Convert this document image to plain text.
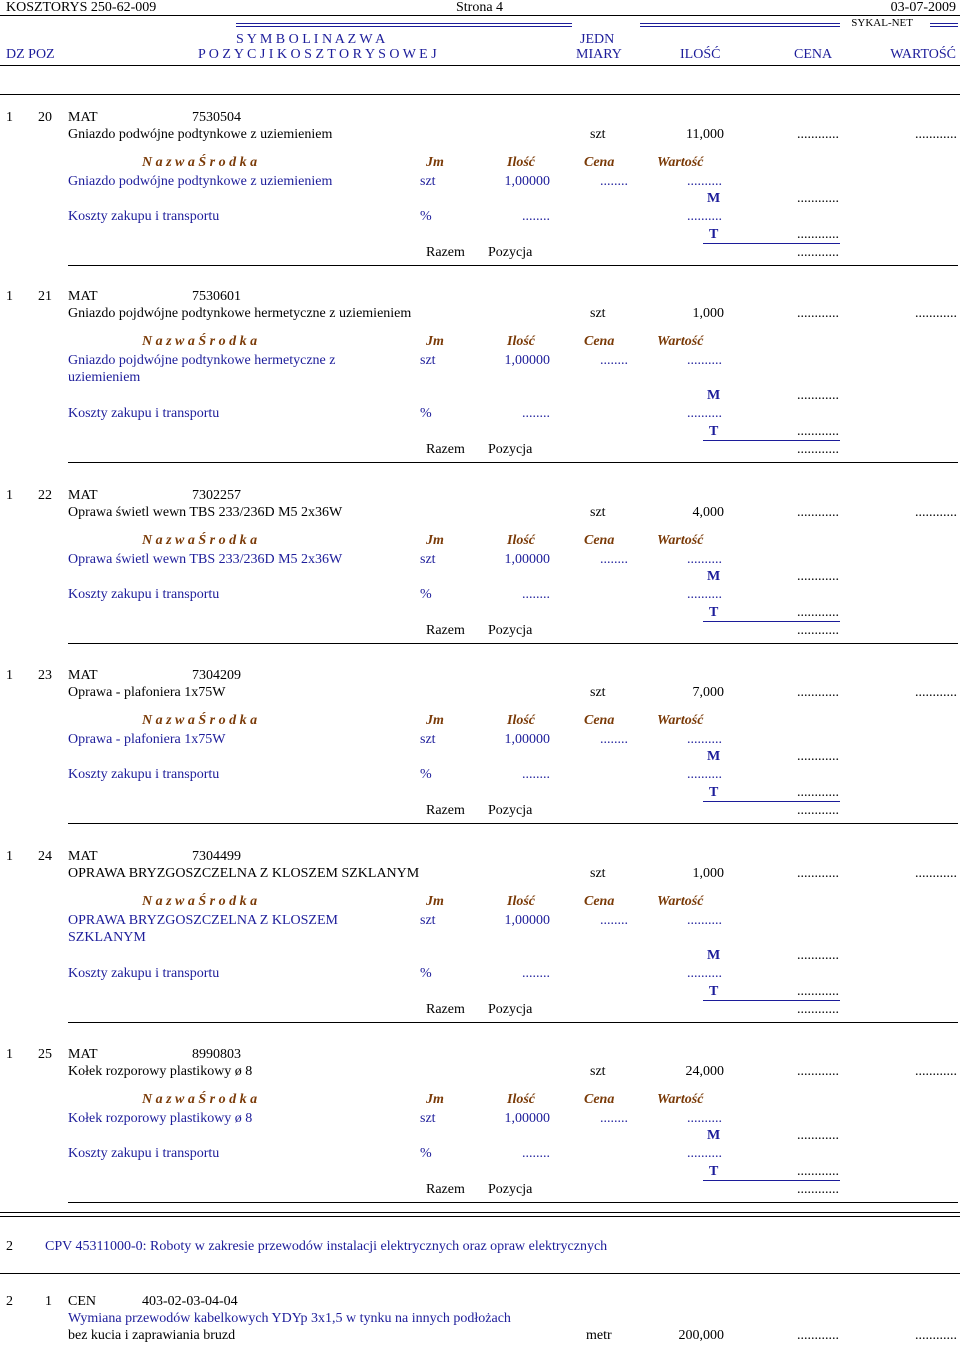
KOSZTORYS 250-62-009	Strona 4	03-07-2009
S Y M B O L I N A Z W A	JEDN
SYKAL-NET
DZ POZ	P O Z Y C J I K O S Z T O R Y S O W E J	MIARY	ILOŚĆ	CENA	WARTOŚĆ
1 20 MAT	7530504
Gniazdo podwójne podtynkowe z uziemieniem	szt	11,000	............	............
N a z w a Ś r o d k a	Jm	Ilość	Cena	Wartość
Gniazdo podwójne podtynkowe z uziemieniem	szt	1,00000	........	..........
M	............
Koszty zakupu i transportu	%	........	..........
T	............
Razem Pozycja	............
1 21 MAT	7530601
Gniazdo pojdwójne podtynkowe hermetyczne z uziemieniem	szt	1,000	............	............
N a z w a Ś r o d k a	Jm	Ilość	Cena	Wartość
Gniazdo pojdwójne podtynkowe hermetyczne z
uziemieniem
szt	1,00000	........	..........
M	............
Koszty zakupu i transportu	%	........	..........
T	............
Razem Pozycja	............
1 22 MAT	7302257
Oprawa świetl wewn TBS 233/236D M5 2x36W	szt	4,000	............	............
N a z w a Ś r o d k a	Jm	Ilość	Cena	Wartość
Oprawa świetl wewn TBS 233/236D M5 2x36W	szt	1,00000	........	..........
M	............
Koszty zakupu i transportu	%	........	..........
T	............
Razem Pozycja	............
1 23 MAT	7304209
Oprawa - plafoniera 1x75W	szt	7,000	............	............
N a z w a Ś r o d k a	Jm	Ilość	Cena	Wartość
Oprawa - plafoniera 1x75W	szt	1,00000	........	..........
M	............
Koszty zakupu i transportu	%	........	..........
T	............
Razem Pozycja	............
1 24 MAT	7304499
OPRAWA BRYZGOSZCZELNA Z KLOSZEM SZKLANYM	szt	1,000	............	............
N a z w a Ś r o d k a	Jm	Ilość	Cena	Wartość
OPRAWA BRYZGOSZCZELNA Z KLOSZEM
SZKLANYM
szt	1,00000	........	..........
M	............
Koszty zakupu i transportu	%	........	..........
T	............
Razem Pozycja	............
1 25 MAT	8990803
Kołek rozporowy plastikowy ø 8	szt	24,000	............	............
N a z w a Ś r o d k a	Jm	Ilość	Cena	Wartość
Kołek rozporowy plastikowy ø 8	szt	1,00000	........	..........
M	............
Koszty zakupu i transportu	%	........	..........
T	............
Razem Pozycja	............
2 CPV 45311000-0: Roboty w zakresie przewodów instalacji elektrycznych oraz opraw elektrycznych
2 1 CEN	403-02-03-04-04
Wymiana przewodów kabelkowych YDYp 3x1,5 w tynku na innych podłożach
bez kucia i zaprawiania bruzd	metr	200,000	............	............
